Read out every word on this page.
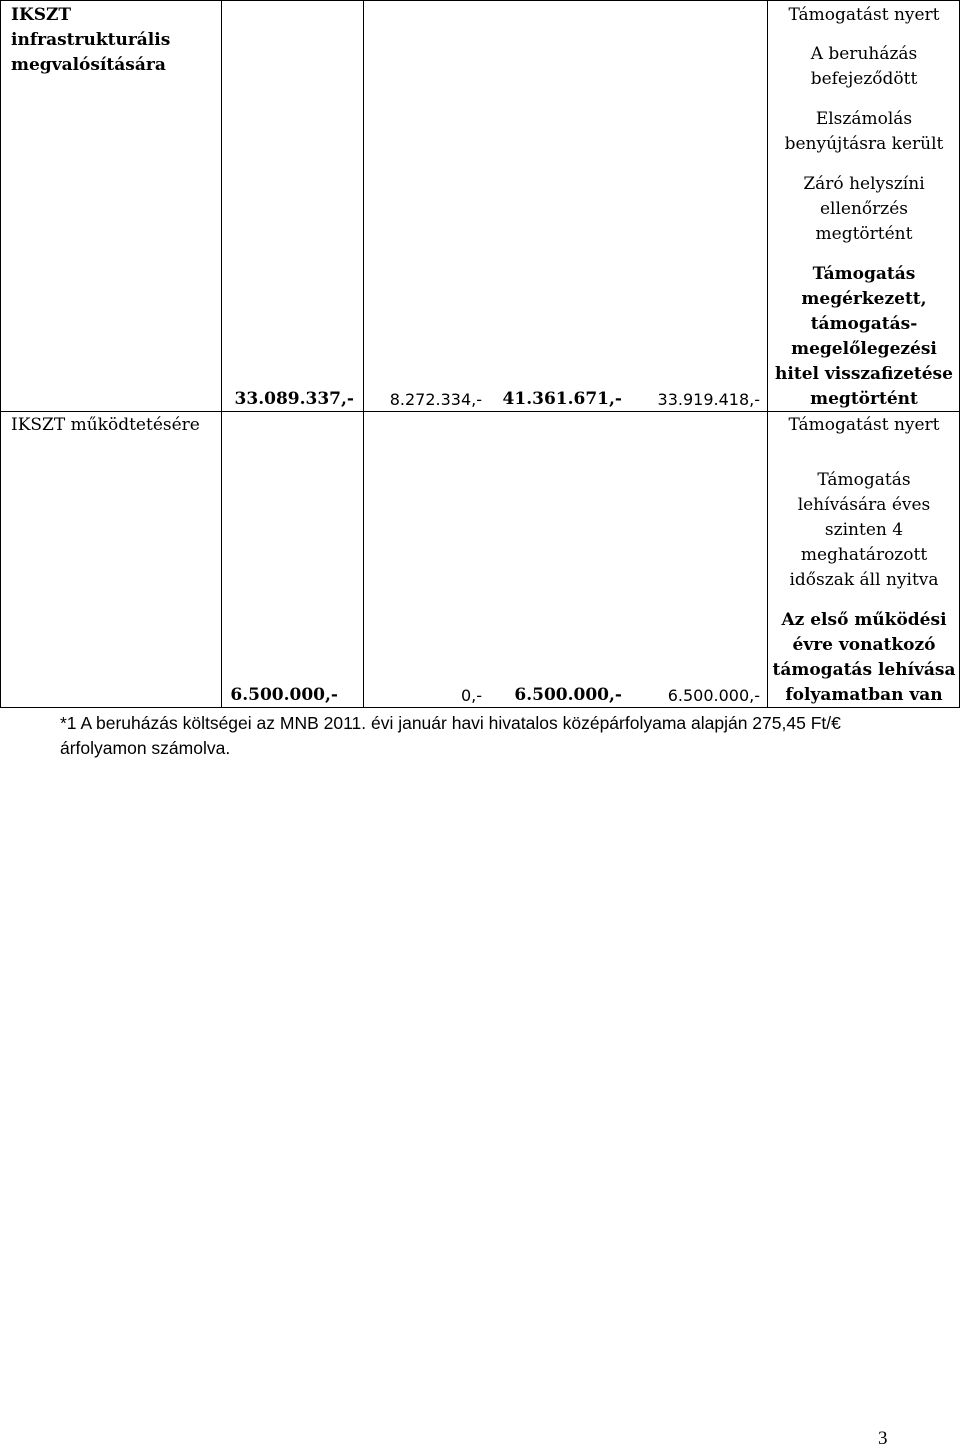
IKSZT
infrastrukturális
megvalósítására
33.089.337,-	8.272.334,- 41.361.671,-	33.919.418,-
Támogatást nyert
A beruházás
befejeződött
Elszámolás
benyújtásra került
Záró helyszíni
ellenőrzés
megtörtént
Támogatás
megérkezett,
támogatás-
megelőlegezési
hitel visszafizetése
megtörtént
IKSZT működtetésére
6.500.000,-	0,-	6.500.000,-	6.500.000,-
Támogatást nyert
Támogatás
lehívására éves
szinten 4
meghatározott
időszak áll nyitva
Az első működési
évre vonatkozó
támogatás lehívása
folyamatban van
*1 A beruházás költségei az MNB 2011. évi január havi hivatalos középárfolyama alapján 275,45 Ft/€
árfolyamon számolva.
3
